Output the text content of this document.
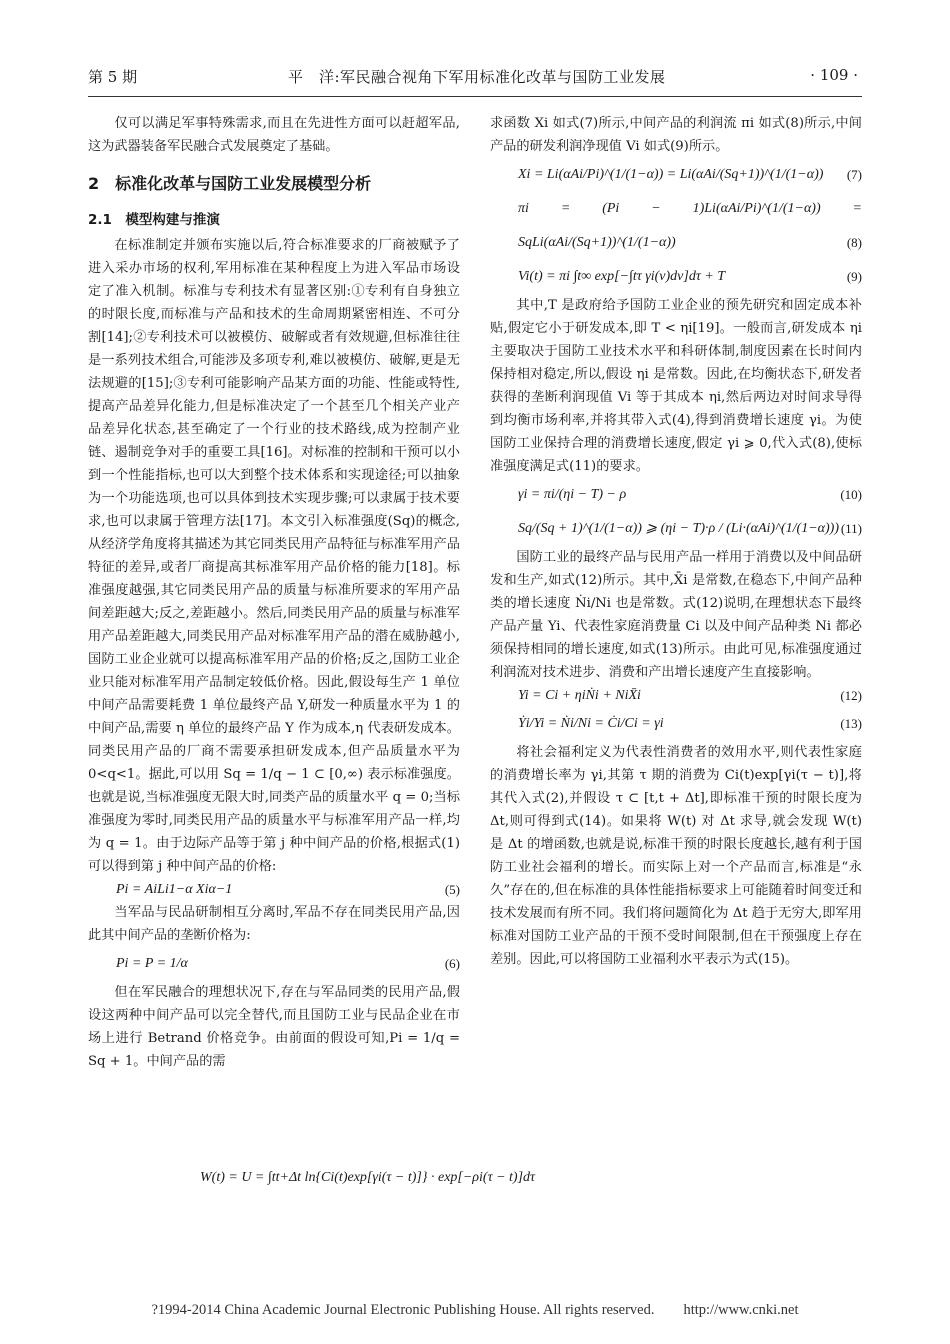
第 5 期	平　洋:军民融合视角下军用标准化改革与国防工业发展	· 109 ·

仅可以满足军事特殊需求,而且在先进性方面可以赶超军品,这为武器装备军民融合式发展奠定了基础。

2　标准化改革与国防工业发展模型分析
2.1　模型构建与推演

在标准制定并颁布实施以后,符合标准要求的厂商被赋予了进入采办市场的权利,军用标准在某种程度上为进入军品市场设定了准入机制。标准与专利技术有显著区别:①专利有自身独立的时限长度,而标准与产品和技术的生命周期紧密相连、不可分割[14];②专利技术可以被模仿、破解或者有效规避,但标准往往是一系列技术组合,可能涉及多项专利,难以被模仿、破解,更是无法规避的[15];③专利可能影响产品某方面的功能、性能或特性,提高产品差异化能力,但是标准决定了一个甚至几个相关产业产品差异化状态,甚至确定了一个行业的技术路线,成为控制产业链、遏制竞争对手的重要工具[16]。对标准的控制和干预可以小到一个性能指标,也可以大到整个技术体系和实现途径;可以抽象为一个功能选项,也可以具体到技术实现步骤;可以隶属于技术要求,也可以隶属于管理方法[17]。本文引入标准强度(Sq)的概念,从经济学角度将其描述为其它同类民用产品特征与标准军用产品特征的差异,或者厂商提高其标准军用产品价格的能力[18]。标准强度越强,其它同类民用产品的质量与标准所要求的军用产品间差距越大;反之,差距越小。然后,同类民用产品的质量与标准军用产品差距越大,同类民用产品对标准军用产品的潜在威胁越小,国防工业企业就可以提高标准军用产品的价格;反之,国防工业企业只能对标准军用产品制定较低价格。因此,假设每生产 1 单位中间产品需要耗费 1 单位最终产品 Y,研发一种质量水平为 1 的中间产品,需要 η 单位的最终产品 Y 作为成本,η 代表研发成本。同类民用产品的厂商不需要承担研发成本,但产品质量水平为 0<q<1。据此,可以用 Sq = 1/q − 1 ⊂ [0,∞) 表示标准强度。也就是说,当标准强度无限大时,同类产品的质量水平 q = 0;当标准强度为零时,同类民用产品的质量水平与标准军用产品一样,均为 q = 1。由于边际产品等于第 j 种中间产品的价格,根据式(1)可以得到第 j 种中间产品的价格:

Pi = AiLi1−α Xiα−1	(5)

当军品与民品研制相互分离时,军品不存在同类民用产品,因此其中间产品的垄断价格为:

Pi = P = 1/α	(6)

但在军民融合的理想状况下,存在与军品同类的民用产品,假设这两种中间产品可以完全替代,而且国防工业与民品企业在市场上进行 Betrand 价格竞争。由前面的假设可知,Pi = 1/q = Sq + 1。中间产品的需

求函数 Xi 如式(7)所示,中间产品的利润流 πi 如式(8)所示,中间产品的研发利润净现值 Vi 如式(9)所示。

Xi = Li(αAi/Pi)^(1/(1−α)) = Li(αAi/(Sq+1))^(1/(1−α)) (7)
πi = (Pi − 1)Li(αAi/Pi)^(1/(1−α)) = SqLi(αAi/(Sq+1))^(1/(1−α))	(8)
Vi(t) = πi ∫t∞ exp[−∫tτ γi(v)dv]dτ + T	(9)

其中,T 是政府给予国防工业企业的预先研究和固定成本补贴,假定它小于研发成本,即 T < ηi[19]。一般而言,研发成本 ηi 主要取决于国防工业技术水平和科研体制,制度因素在长时间内保持相对稳定,所以,假设 ηi 是常数。因此,在均衡状态下,研发者获得的垄断利润现值 Vi 等于其成本 ηi,然后两边对时间求导得到均衡市场利率,并将其带入式(4),得到消费增长速度 γi。为使国防工业保持合理的消费增长速度,假定 γi ⩾ 0,代入式(8),使标准强度满足式(11)的要求。

γi = πi/(ηi − T) − ρ	(10)
Sq/(Sq + 1)^(1/(1−α)) ⩾ (ηi − T)·ρ / (Li·(αAi)^(1/(1−α))) (11)

国防工业的最终产品与民用产品一样用于消费以及中间品研发和生产,如式(12)所示。其中,X̄i 是常数,在稳态下,中间产品种类的增长速度 Ṅi/Ni 也是常数。式(12)说明,在理想状态下最终产品产量 Yi、代表性家庭消费量 Ci 以及中间产品种类 Ni 都必须保持相同的增长速度,如式(13)所示。由此可见,标准强度通过利润流对技术进步、消费和产出增长速度产生直接影响。

Yi = Ci + ηiṄi + NiX̄i	(12)
Ẏi/Yi = Ṅi/Ni = Ċi/Ci = γi	(13)

将社会福利定义为代表性消费者的效用水平,则代表性家庭的消费增长率为 γi,其第 τ 期的消费为 Ci(t)exp[γi(τ − t)],将其代入式(2),并假设 τ ⊂ [t,t + Δt],即标准干预的时限长度为 Δt,则可得到式(14)。如果将 W(t) 对 Δt 求导,就会发现 W(t) 是 Δt 的增函数,也就是说,标准干预的时限长度越长,越有利于国防工业社会福利的增长。而实际上对一个产品而言,标准是“永久”存在的,但在标准的具体性能指标要求上可能随着时间变迁和技术发展而有所不同。我们将问题简化为 Δt 趋于无穷大,即军用标准对国防工业产品的干预不受时间限制,但在干预强度上存在差别。因此,可以将国防工业福利水平表示为式(15)。

W(t) = U = ∫tt+Δt ln{Ci(t)exp[γi(τ − t)]} · exp[−ρi(τ − t)]dτ
?1994-2014 China Academic Journal Electronic Publishing House. All rights reserved.　　http://www.cnki.net
